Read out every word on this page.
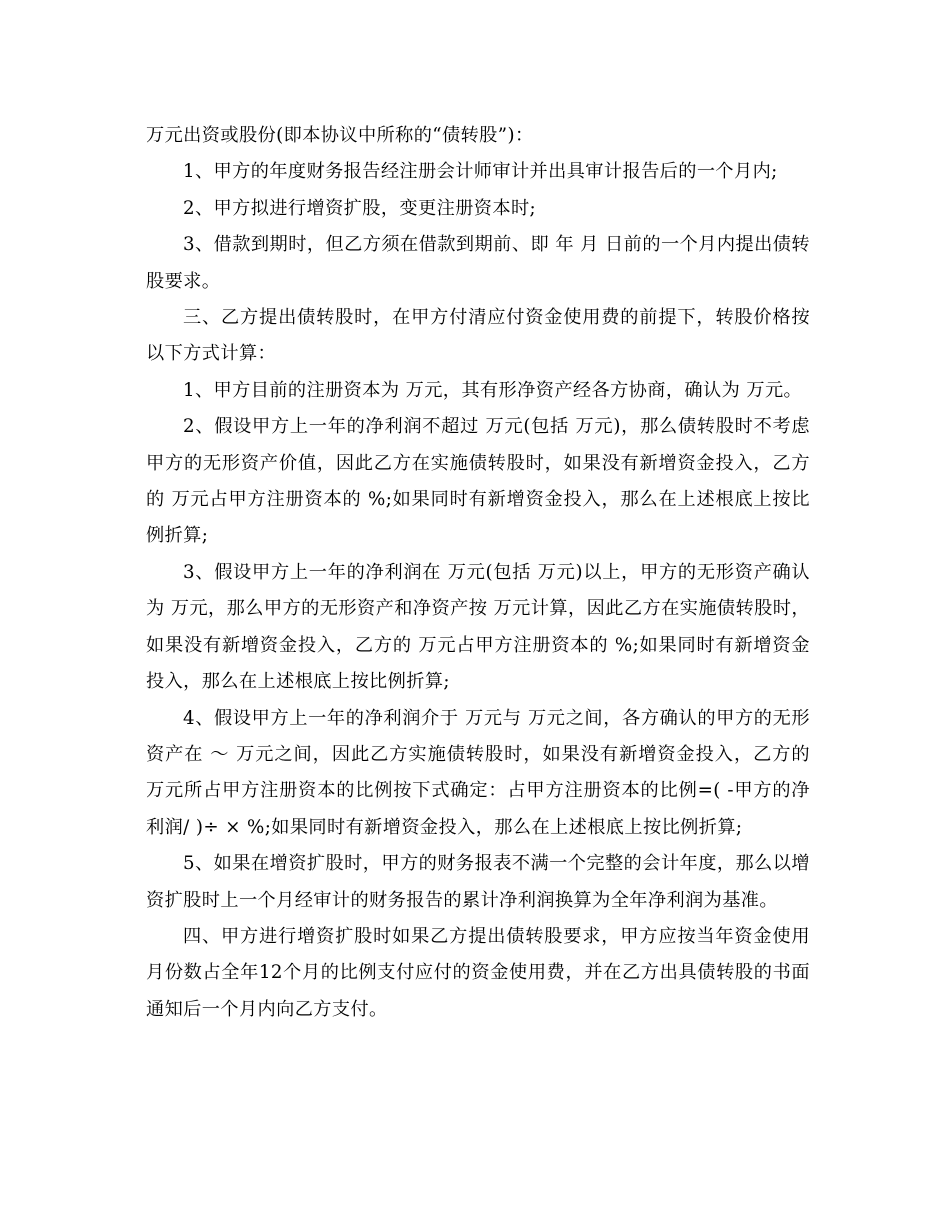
万元出资或股份(即本协议中所称的“债转股”)：

1、甲方的年度财务报告经注册会计师审计并出具审计报告后的一个月内;

2、甲方拟进行增资扩股，变更注册资本时;

3、借款到期时，但乙方须在借款到期前、即 年 月 日前的一个月内提出债转股要求。

三、乙方提出债转股时，在甲方付清应付资金使用费的前提下，转股价格按以下方式计算：

1、甲方目前的注册资本为 万元，其有形净资产经各方协商，确认为 万元。

2、假设甲方上一年的净利润不超过 万元(包括 万元)，那么债转股时不考虑甲方的无形资产价值，因此乙方在实施债转股时，如果没有新增资金投入，乙方的 万元占甲方注册资本的 %;如果同时有新增资金投入，那么在上述根底上按比例折算;

3、假设甲方上一年的净利润在 万元(包括 万元)以上，甲方的无形资产确认为 万元，那么甲方的无形资产和净资产按 万元计算，因此乙方在实施债转股时，如果没有新增资金投入，乙方的 万元占甲方注册资本的 %;如果同时有新增资金投入，那么在上述根底上按比例折算;

4、假设甲方上一年的净利润介于 万元与 万元之间，各方确认的甲方的无形资产在 ～ 万元之间，因此乙方实施债转股时，如果没有新增资金投入，乙方的 万元所占甲方注册资本的比例按下式确定：占甲方注册资本的比例=( -甲方的净利润/ )÷ × %;如果同时有新增资金投入，那么在上述根底上按比例折算;

5、如果在增资扩股时，甲方的财务报表不满一个完整的会计年度，那么以增资扩股时上一个月经审计的财务报告的累计净利润换算为全年净利润为基准。

四、甲方进行增资扩股时如果乙方提出债转股要求，甲方应按当年资金使用月份数占全年12个月的比例支付应付的资金使用费，并在乙方出具债转股的书面通知后一个月内向乙方支付。
